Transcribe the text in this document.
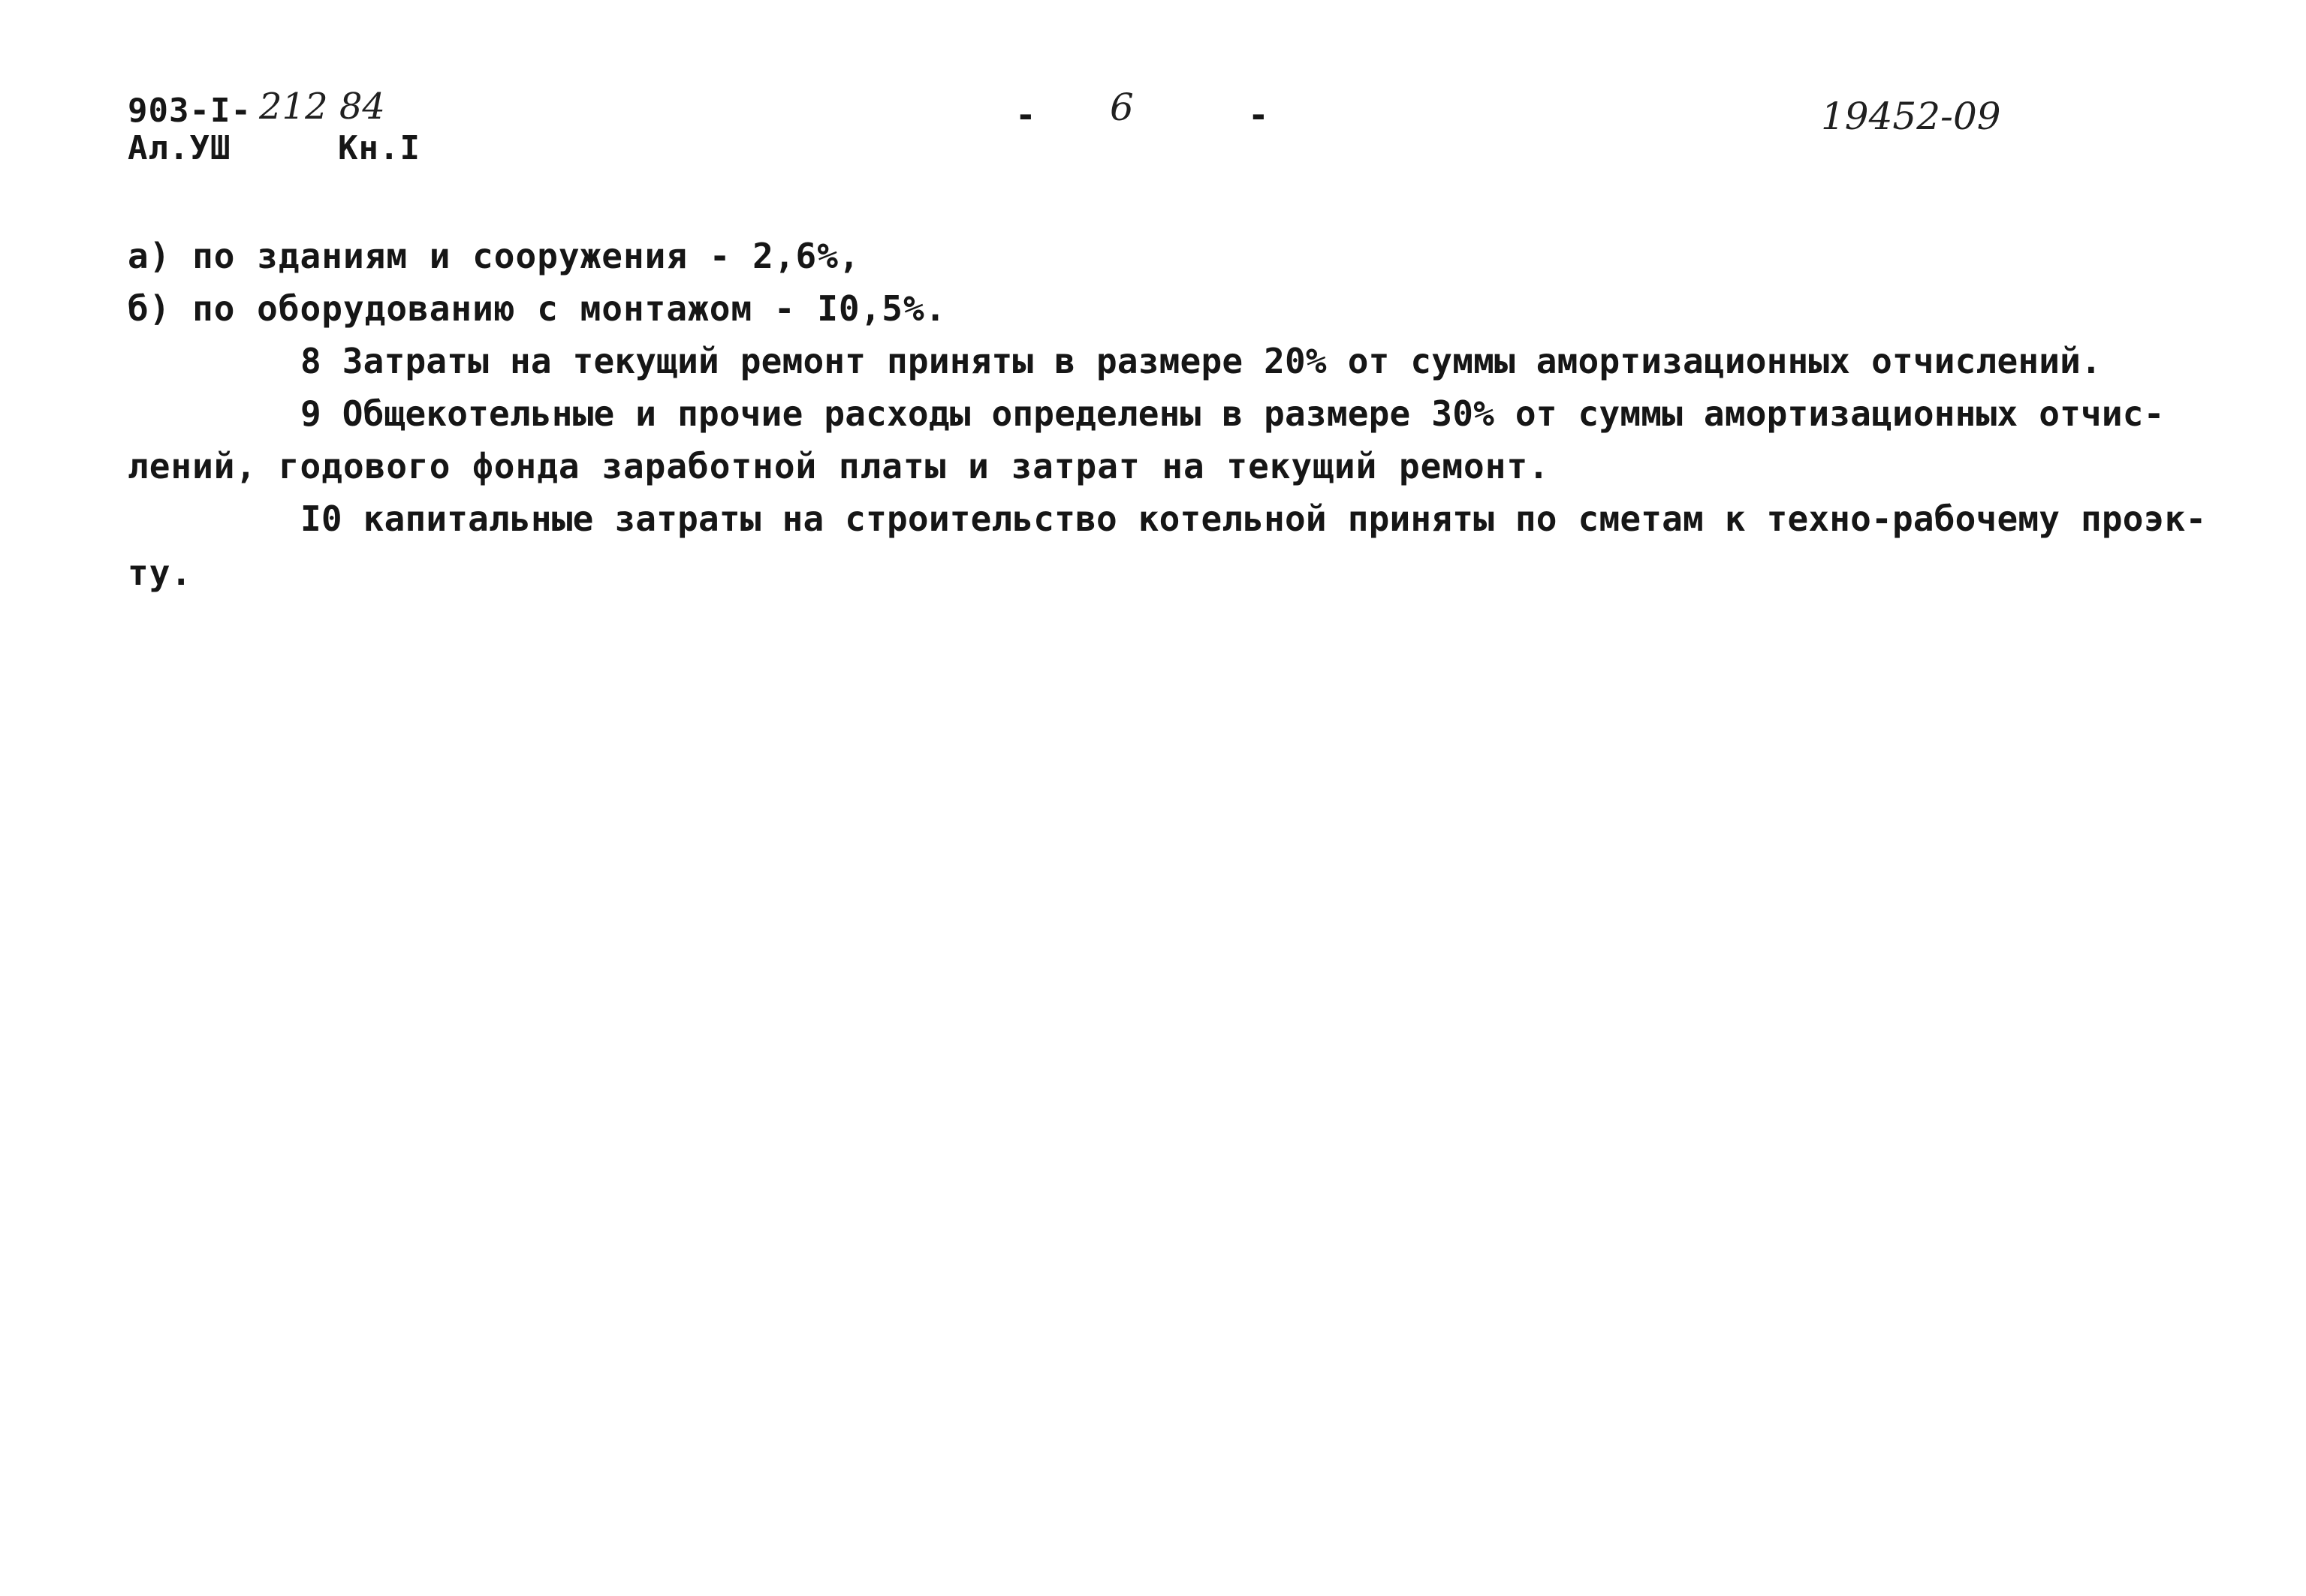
903-I- 212 84
Ал.УШ	Кн.I
- 6	-	19452-09
а) по зданиям и сооружения - 2,6%,
б) по оборудованию с монтажом - I0,5%.
8 Затраты на текущий ремонт приняты в размере 20% от суммы амортизационных отчислений.
9 Общекотельные и прочие расходы определены в размере 30% от суммы амортизационных отчис-
лений, годового фонда заработной платы и затрат на текущий ремонт.
I0 капитальные затраты на строительство котельной приняты по сметам к техно-рабочему проэк-
ту.
